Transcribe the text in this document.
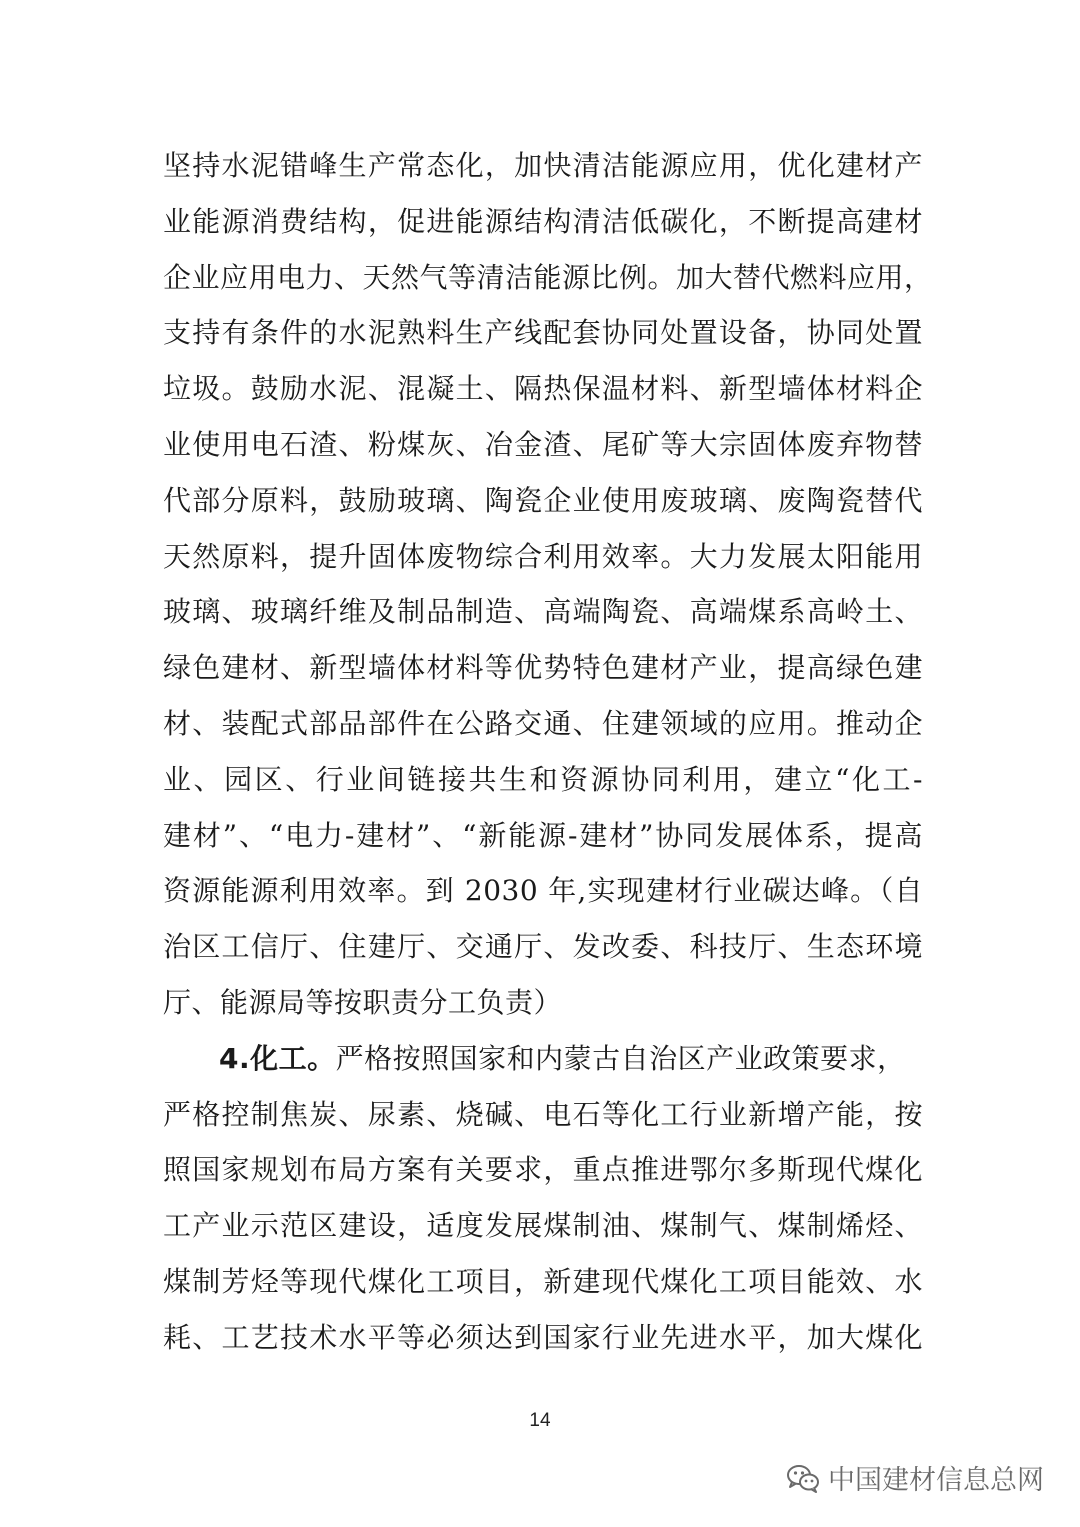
坚持水泥错峰生产常态化，加快清洁能源应用，优化建材产
业能源消费结构，促进能源结构清洁低碳化，不断提高建材
企业应用电力、天然气等清洁能源比例。加大替代燃料应用，
支持有条件的水泥熟料生产线配套协同处置设备，协同处置
垃圾。鼓励水泥、混凝土、隔热保温材料、新型墙体材料企
业使用电石渣、粉煤灰、冶金渣、尾矿等大宗固体废弃物替
代部分原料，鼓励玻璃、陶瓷企业使用废玻璃、废陶瓷替代
天然原料，提升固体废物综合利用效率。大力发展太阳能用
玻璃、玻璃纤维及制品制造、高端陶瓷、高端煤系高岭土、
绿色建材、新型墙体材料等优势特色建材产业，提高绿色建
材、装配式部品部件在公路交通、住建领域的应用。推动企
业、园区、行业间链接共生和资源协同利用，建立“化工-
建材”、“电力-建材”、“新能源-建材”协同发展体系，提高
资源能源利用效率。到 2030 年,实现建材行业碳达峰。（自
治区工信厅、住建厅、交通厅、发改委、科技厅、生态环境
厅、能源局等按职责分工负责）
4.化工。严格按照国家和内蒙古自治区产业政策要求，
严格控制焦炭、尿素、烧碱、电石等化工行业新增产能，按
照国家规划布局方案有关要求，重点推进鄂尔多斯现代煤化
工产业示范区建设，适度发展煤制油、煤制气、煤制烯烃、
煤制芳烃等现代煤化工项目，新建现代煤化工项目能效、水
耗、工艺技术水平等必须达到国家行业先进水平，加大煤化
14
中国建材信息总网
